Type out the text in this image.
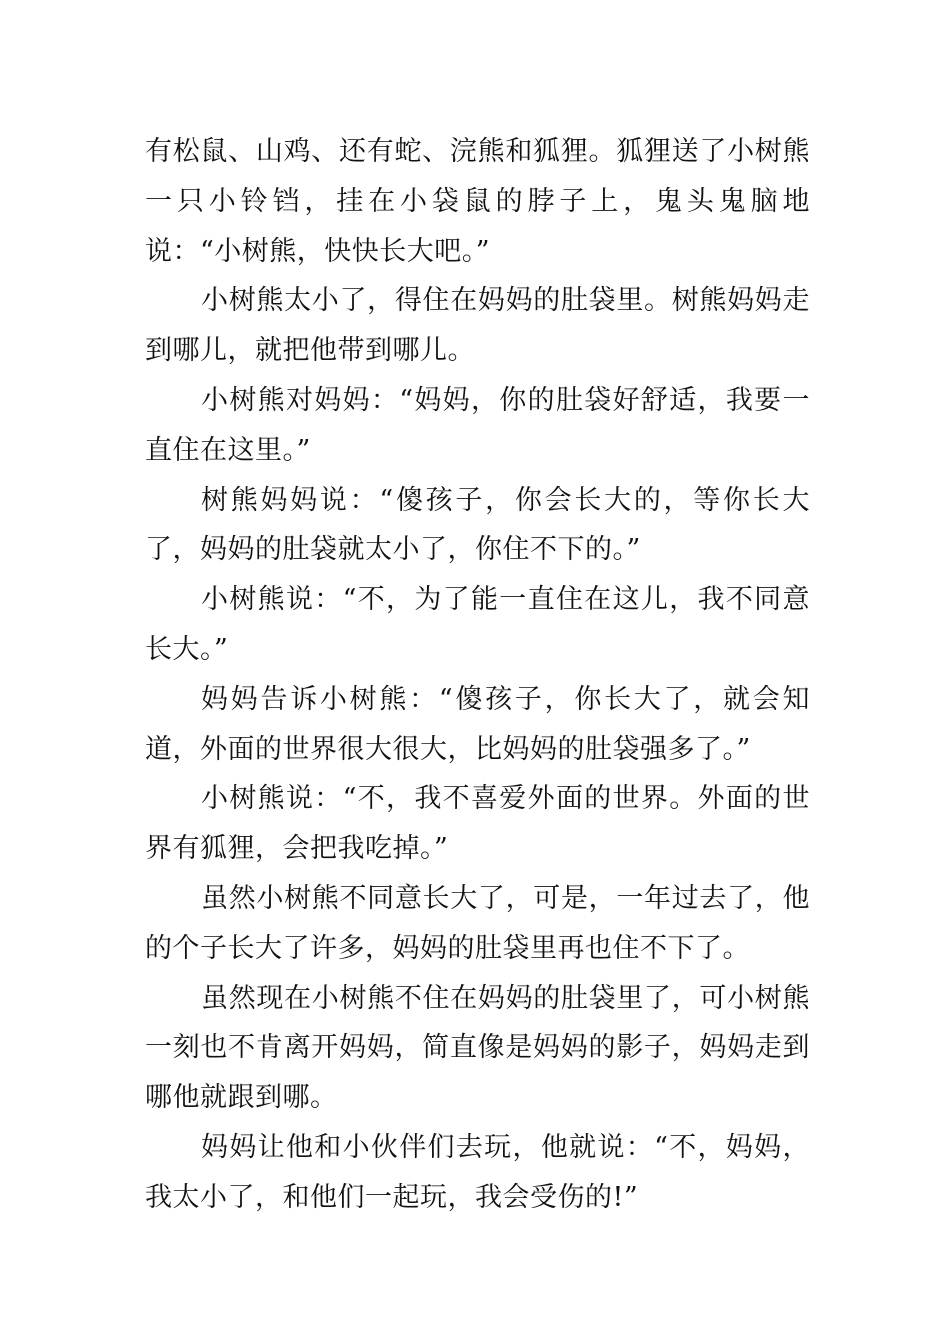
有松鼠、山鸡、还有蛇、浣熊和狐狸。狐狸送了小树熊一只小铃铛，挂在小袋鼠的脖子上，鬼头鬼脑地说：“小树熊，快快长大吧。”

小树熊太小了，得住在妈妈的肚袋里。树熊妈妈走到哪儿，就把他带到哪儿。

小树熊对妈妈：“妈妈，你的肚袋好舒适，我要一直住在这里。”

树熊妈妈说：“傻孩子，你会长大的，等你长大了，妈妈的肚袋就太小了，你住不下的。”

小树熊说：“不，为了能一直住在这儿，我不同意长大。”

妈妈告诉小树熊：“傻孩子，你长大了，就会知道，外面的世界很大很大，比妈妈的肚袋强多了。”

小树熊说：“不，我不喜爱外面的世界。外面的世界有狐狸，会把我吃掉。”

虽然小树熊不同意长大了，可是，一年过去了，他的个子长大了许多，妈妈的肚袋里再也住不下了。

虽然现在小树熊不住在妈妈的肚袋里了，可小树熊一刻也不肯离开妈妈，简直像是妈妈的影子，妈妈走到哪他就跟到哪。

妈妈让他和小伙伴们去玩，他就说：“不，妈妈，我太小了，和他们一起玩，我会受伤的!”
